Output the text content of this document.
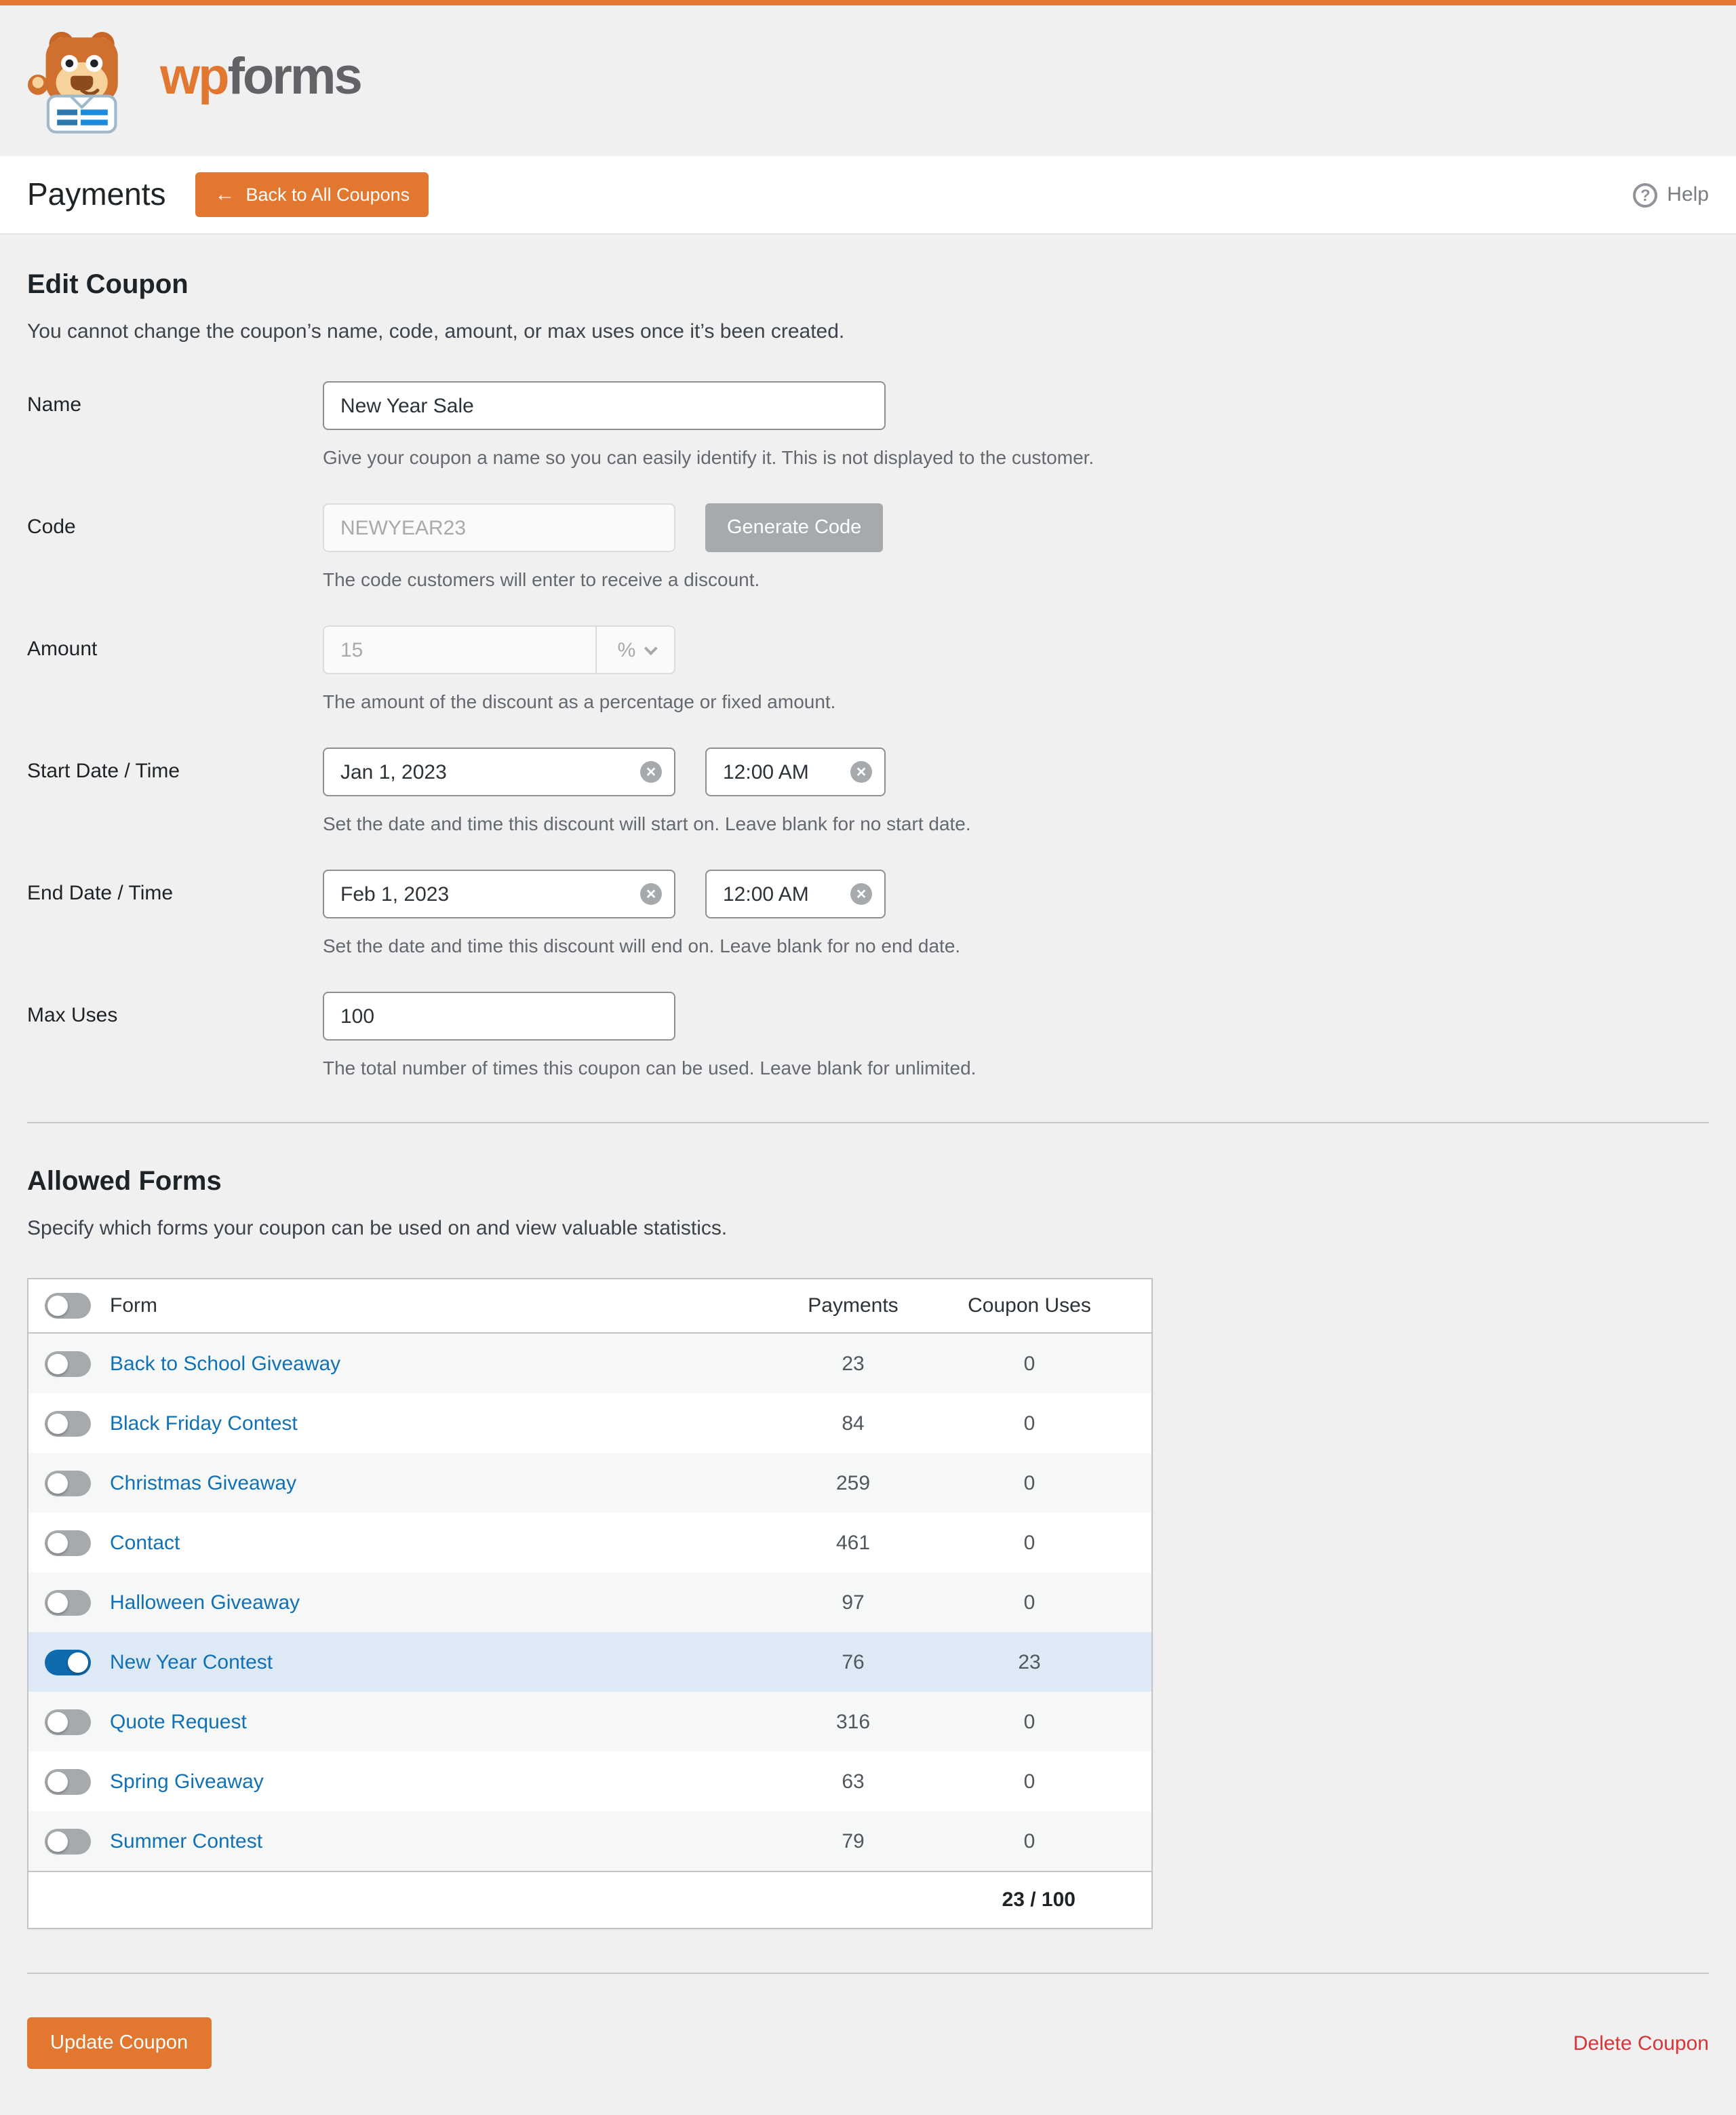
wpforms
Payments	← Back to All Coupons	?	Help
Edit Coupon

You cannot change the coupon’s name, code, amount, or max uses once it’s been created.

Name
New Year Sale
Give your coupon a name so you can easily identify it. This is not displayed to the customer.
Code
NEWYEAR23	Generate Code
The code customers will enter to receive a discount.
Amount	15	%
The amount of the discount as a percentage or fixed amount.
Start Date / Time
Jan 1, 2023	×
12:00 AM	×
Set the date and time this discount will start on. Leave blank for no start date.
End Date / Time
Feb 1, 2023	×
12:00 AM	×
Set the date and time this discount will end on. Leave blank for no end date.
Max Uses
100
The total number of times this coupon can be used. Leave blank for unlimited.
Allowed Forms

Specify which forms your coupon can be used on and view valuable statistics.

Form	Payments	Coupon Uses
Back to School Giveaway	23	0
Black Friday Contest	84	0
Christmas Giveaway	259	0
Contact	461	0
Halloween Giveaway	97	0
New Year Contest	76	23
Quote Request	316	0
Spring Giveaway	63	0
Summer Contest	79	0
23 / 100
Update Coupon	Delete Coupon
